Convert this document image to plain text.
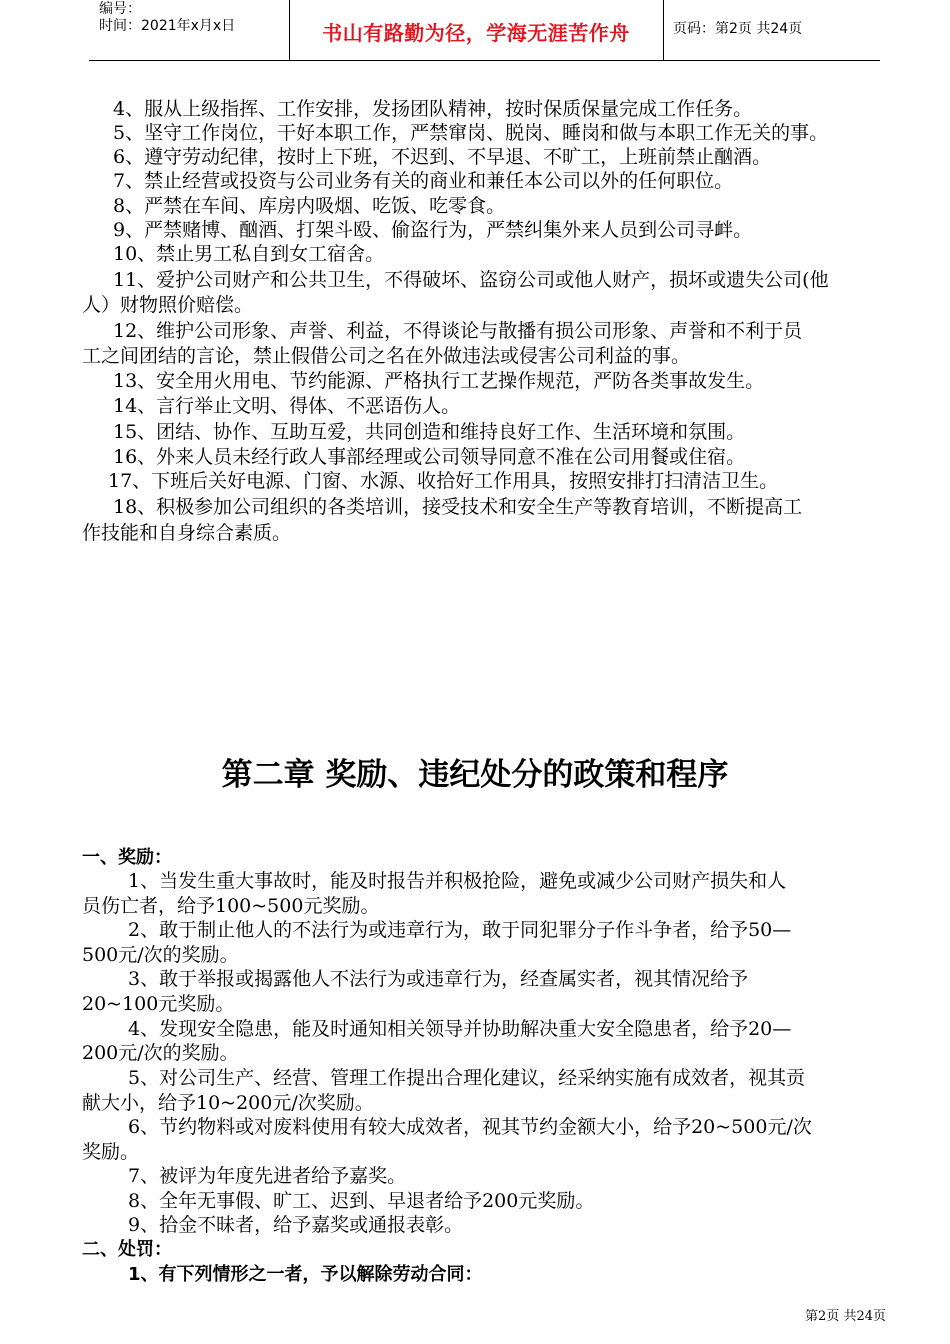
编号：
时间：2021年x月x日	书山有路勤为径，学海无涯苦作舟	页码：第2页 共24页
4、服从上级指挥、工作安排，发扬团队精神，按时保质保量完成工作任务。
5、坚守工作岗位，干好本职工作，严禁窜岗、脱岗、睡岗和做与本职工作无关的事。
6、遵守劳动纪律，按时上下班，不迟到、不早退、不旷工，上班前禁止酗酒。
7、禁止经营或投资与公司业务有关的商业和兼任本公司以外的任何职位。
8、严禁在车间、库房内吸烟、吃饭、吃零食。
9、严禁赌博、酗酒、打架斗殴、偷盗行为，严禁纠集外来人员到公司寻衅。
10、禁止男工私自到女工宿舍。
11、爱护公司财产和公共卫生，不得破坏、盗窃公司或他人财产，损坏或遗失公司(他
人）财物照价赔偿。
12、维护公司形象、声誉、利益，不得谈论与散播有损公司形象、声誉和不利于员
工之间团结的言论，禁止假借公司之名在外做违法或侵害公司利益的事。
13、安全用火用电、节约能源、严格执行工艺操作规范，严防各类事故发生。
14、言行举止文明、得体、不恶语伤人。
15、团结、协作、互助互爱，共同创造和维持良好工作、生活环境和氛围。
16、外来人员未经行政人事部经理或公司领导同意不准在公司用餐或住宿。
17、下班后关好电源、门窗、水源、收拾好工作用具，按照安排打扫清洁卫生。
18、积极参加公司组织的各类培训，接受技术和安全生产等教育培训，不断提高工
作技能和自身综合素质。
第二章 奖励、违纪处分的政策和程序
一、奖励：
1、当发生重大事故时，能及时报告并积极抢险，避免或减少公司财产损失和人
员伤亡者，给予100~500元奖励。
2、敢于制止他人的不法行为或违章行为，敢于同犯罪分子作斗争者，给予50—
500元/次的奖励。
3、敢于举报或揭露他人不法行为或违章行为，经查属实者，视其情况给予
20~100元奖励。
4、发现安全隐患，能及时通知相关领导并协助解决重大安全隐患者，给予20—
200元/次的奖励。
5、对公司生产、经营、管理工作提出合理化建议，经采纳实施有成效者，视其贡
献大小，给予10~200元/次奖励。
6、节约物料或对废料使用有较大成效者，视其节约金额大小，给予20~500元/次
奖励。
7、被评为年度先进者给予嘉奖。
8、全年无事假、旷工、迟到、早退者给予200元奖励。
9、拾金不昧者，给予嘉奖或通报表彰。
二、处罚：
1、有下列情形之一者，予以解除劳动合同：
第2页 共24页
